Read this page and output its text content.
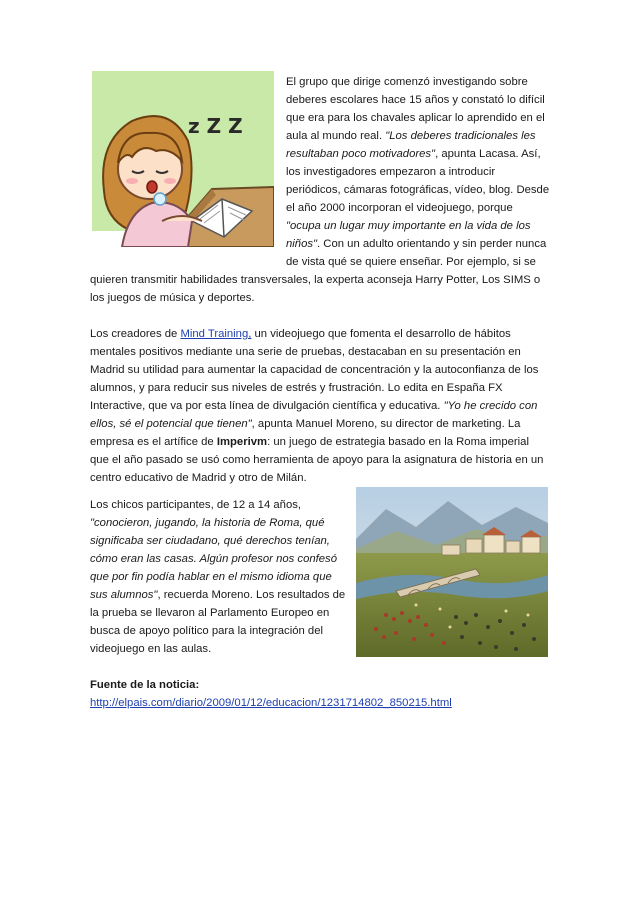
z Z Z
El grupo que dirige comenzó investigando sobre
deberes escolares hace 15 años y constató lo difícil
que era para los chavales aplicar lo aprendido en el
aula al mundo real. "Los deberes tradicionales les
resultaban poco motivadores", apunta Lacasa. Así,
los investigadores empezaron a introducir
periódicos, cámaras fotográficas, vídeo, blog. Desde
el año 2000 incorporan el videojuego, porque
"ocupa un lugar muy importante en la vida de los
niños". Con un adulto orientando y sin perder nunca
de vista qué se quiere enseñar. Por ejemplo, si se
quieren transmitir habilidades transversales, la experta aconseja Harry Potter, Los SIMS o
los juegos de música y deportes.
Los creadores de Mind Training, un videojuego que fomenta el desarrollo de hábitos
mentales positivos mediante una serie de pruebas, destacaban en su presentación en
Madrid su utilidad para aumentar la capacidad de concentración y la autoconfianza de los
alumnos, y para reducir sus niveles de estrés y frustración. Lo edita en España FX
Interactive, que va por esta línea de divulgación científica y educativa. "Yo he crecido con
ellos, sé el potencial que tienen", apunta Manuel Moreno, su director de marketing. La
empresa es el artífice de Imperivm: un juego de estrategia basado en la Roma imperial
que el año pasado se usó como herramienta de apoyo para la asignatura de historia en un
centro educativo de Madrid y otro de Milán.
Los chicos participantes, de 12 a 14 años,
"conocieron, jugando, la historia de Roma, qué
significaba ser ciudadano, qué derechos tenían,
cómo eran las casas. Algún profesor nos confesó
que por fin podía hablar en el mismo idioma que
sus alumnos", recuerda Moreno. Los resultados de
la prueba se llevaron al Parlamento Europeo en
busca de apoyo político para la integración del
videojuego en las aulas.
Fuente de la noticia:
http://elpais.com/diario/2009/01/12/educacion/1231714802_850215.html
